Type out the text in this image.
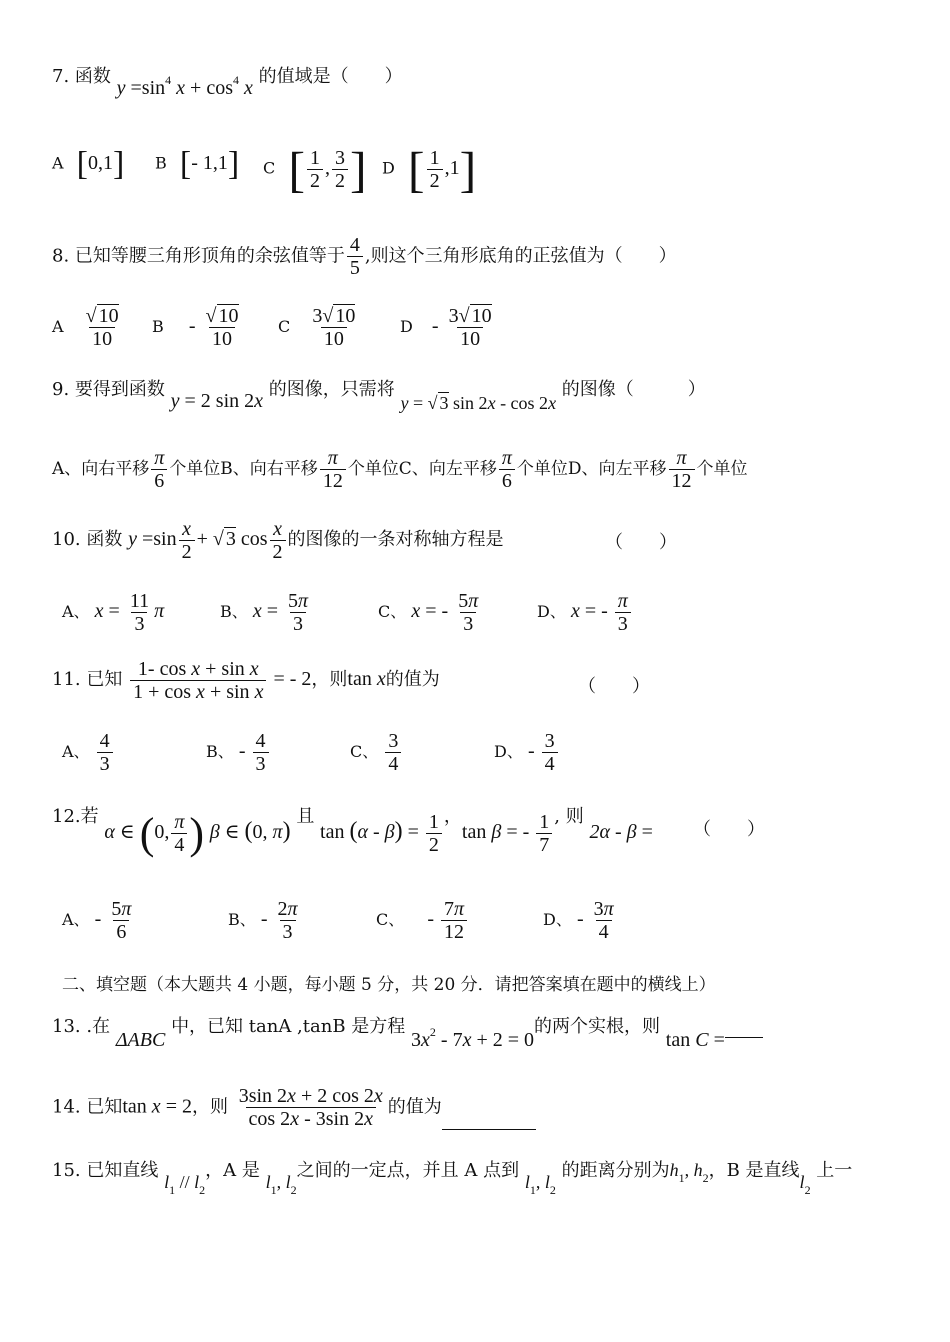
7. 函数 $y =\sin^4$ $x + \cos^4 x$ 的值域是（　　）
A [0,1] B [- 1,1] C [ $\frac{1}{2}$ , $\frac{3}{2}$ ] D [ $\frac{1}{2} ,1$]
8. 已知等腰三角形顶角的余弦值等于 $\frac{4}{5}$ ,则这个三角形底角的正弦值为（　　）
A $\frac{√ 10}{10}$ B - $\frac{√ 10}{10}$ C $\frac{3√ 10}{10}$	D - $\frac{3√ 10}{10}$
9. 要得到函数 y = 2 sin 2x 的图像，只需将 y = √ 3 sin 2x - cos 2x 的图像（　　　）
A、向右平移 $\frac{\pi}{6}$ 个单位B、向右平移 $\frac{\pi}{12}$ 个单位C、向左平移 $\frac{\pi}{6}$ 个单位D、向左平移 $\frac{\pi}{12}$ 个单位
10. 函数 $y =\sin \frac{x}{2}$ + √ 3 $\cos \frac{x}{2}$ 的图像的一条对称轴方程是	（　　）
A、 $x = \frac{11}{3}$ π	B、 $x = \frac{5\pi}{3}$	C、 x = - $\frac{5\pi}{3}$	D、 x = - $\frac{\pi}{3}$
11. 已知 $\frac{\text{1- cos x + sin x}}{\text{1 + cos x + sin x}}$ = - 2，则tan x的值为	（　　）
A、 $\frac{4}{3}$	B、 - $\frac{4}{3}$	C、 $\frac{3}{4}$	D、 - $\frac{3}{4}$
12.若 α ∈ (0, $\frac{\pi}{4}$ ) β ∈ (0, π) 且 $\tan (\alpha - \beta) = \frac{1}{2}$ ，tan β = - $\frac{1}{7}$ , 则 2α - β = （　　）
A、 - $\frac{5\pi}{6}$	B、 - $\frac{2\pi}{3}$	C、 - $\frac{7\pi}{12}$	D、 - $\frac{3\pi}{4}$
二、填空题（本大题共 4 小题，每小题 5 分，共 20 分．请把答案填在题中的横线上）
13. .在 ΔABC 中，已知 tanA ,tanB 是方程 $3x^2 - 7x + 2 = 0$的两个实根，则 tan C =
14. 已知tan x = 2，则 $\frac{3\sin 2x + 2 \cos 2x}{\cos 2x - 3\sin 2x}$ 的值为
15. 已知直线 $l_1 // l_2$，A 是 $l_1$, $l_2$之间的一定点，并且 A 点到 $l_1$, $l_2$ 的距离分别为$h_1$, $h_2$，B 是直线$l_2$ 上一
